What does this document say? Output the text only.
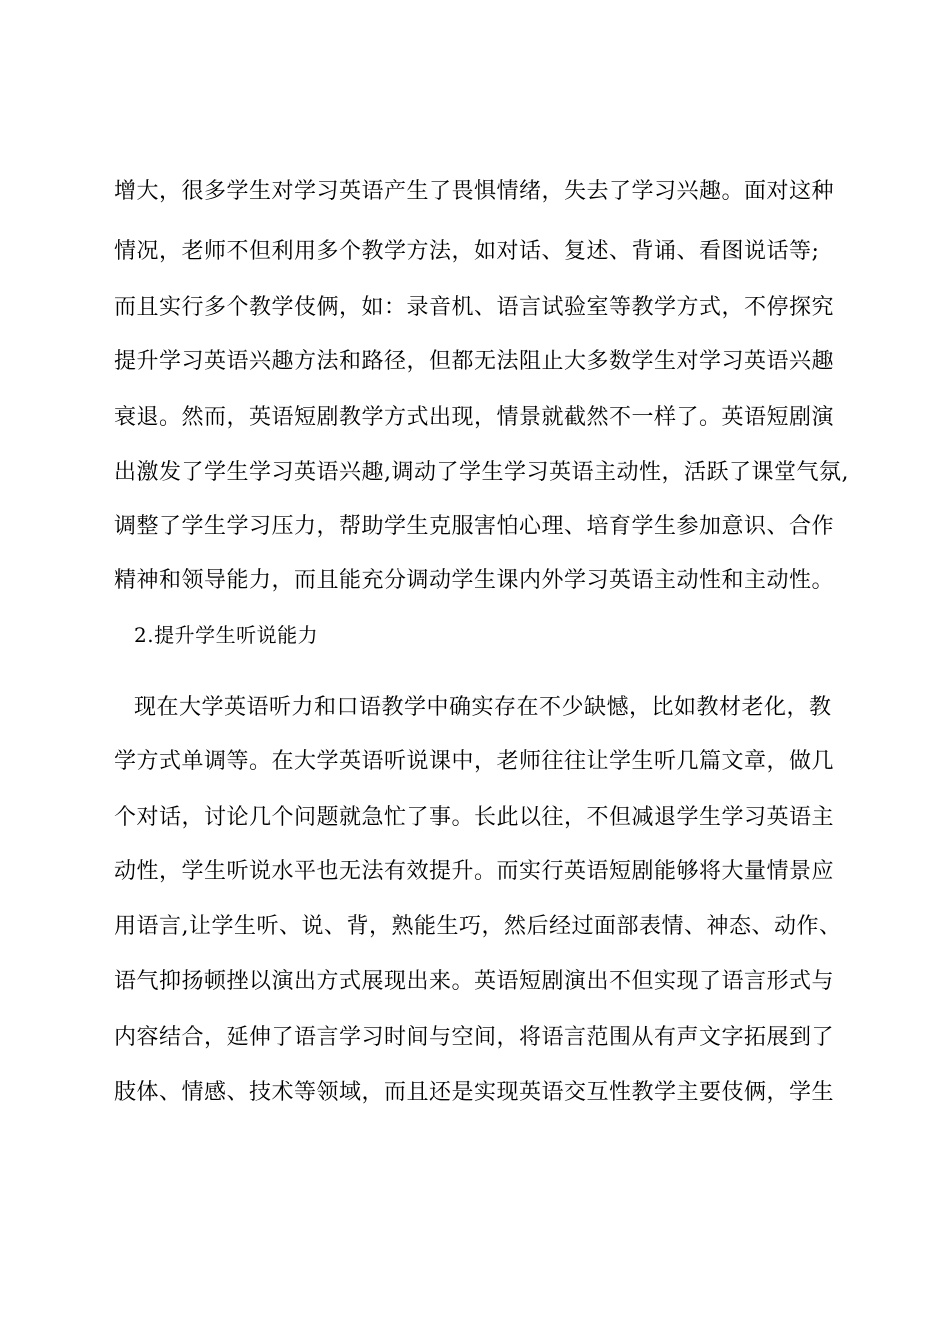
增大，很多学生对学习英语产生了畏惧情绪，失去了学习兴趣。面对这种
情况，老师不但利用多个教学方法，如对话、复述、背诵、看图说话等;
而且实行多个教学伎俩，如：录音机、语言试验室等教学方式，不停探究
提升学习英语兴趣方法和路径，但都无法阻止大多数学生对学习英语兴趣
衰退。然而，英语短剧教学方式出现，情景就截然不一样了。英语短剧演
出激发了学生学习英语兴趣,调动了学生学习英语主动性，活跃了课堂气氛,
调整了学生学习压力，帮助学生克服害怕心理、培育学生参加意识、合作
精神和领导能力，而且能充分调动学生课内外学习英语主动性和主动性。
2.提升学生听说能力
现在大学英语听力和口语教学中确实存在不少缺憾，比如教材老化，教
学方式单调等。在大学英语听说课中，老师往往让学生听几篇文章，做几
个对话，讨论几个问题就急忙了事。长此以往，不但减退学生学习英语主
动性，学生听说水平也无法有效提升。而实行英语短剧能够将大量情景应
用语言,让学生听、说、背，熟能生巧，然后经过面部表情、神态、动作、
语气抑扬顿挫以演出方式展现出来。英语短剧演出不但实现了语言形式与
内容结合，延伸了语言学习时间与空间，将语言范围从有声文字拓展到了
肢体、情感、技术等领域，而且还是实现英语交互性教学主要伎俩，学生
